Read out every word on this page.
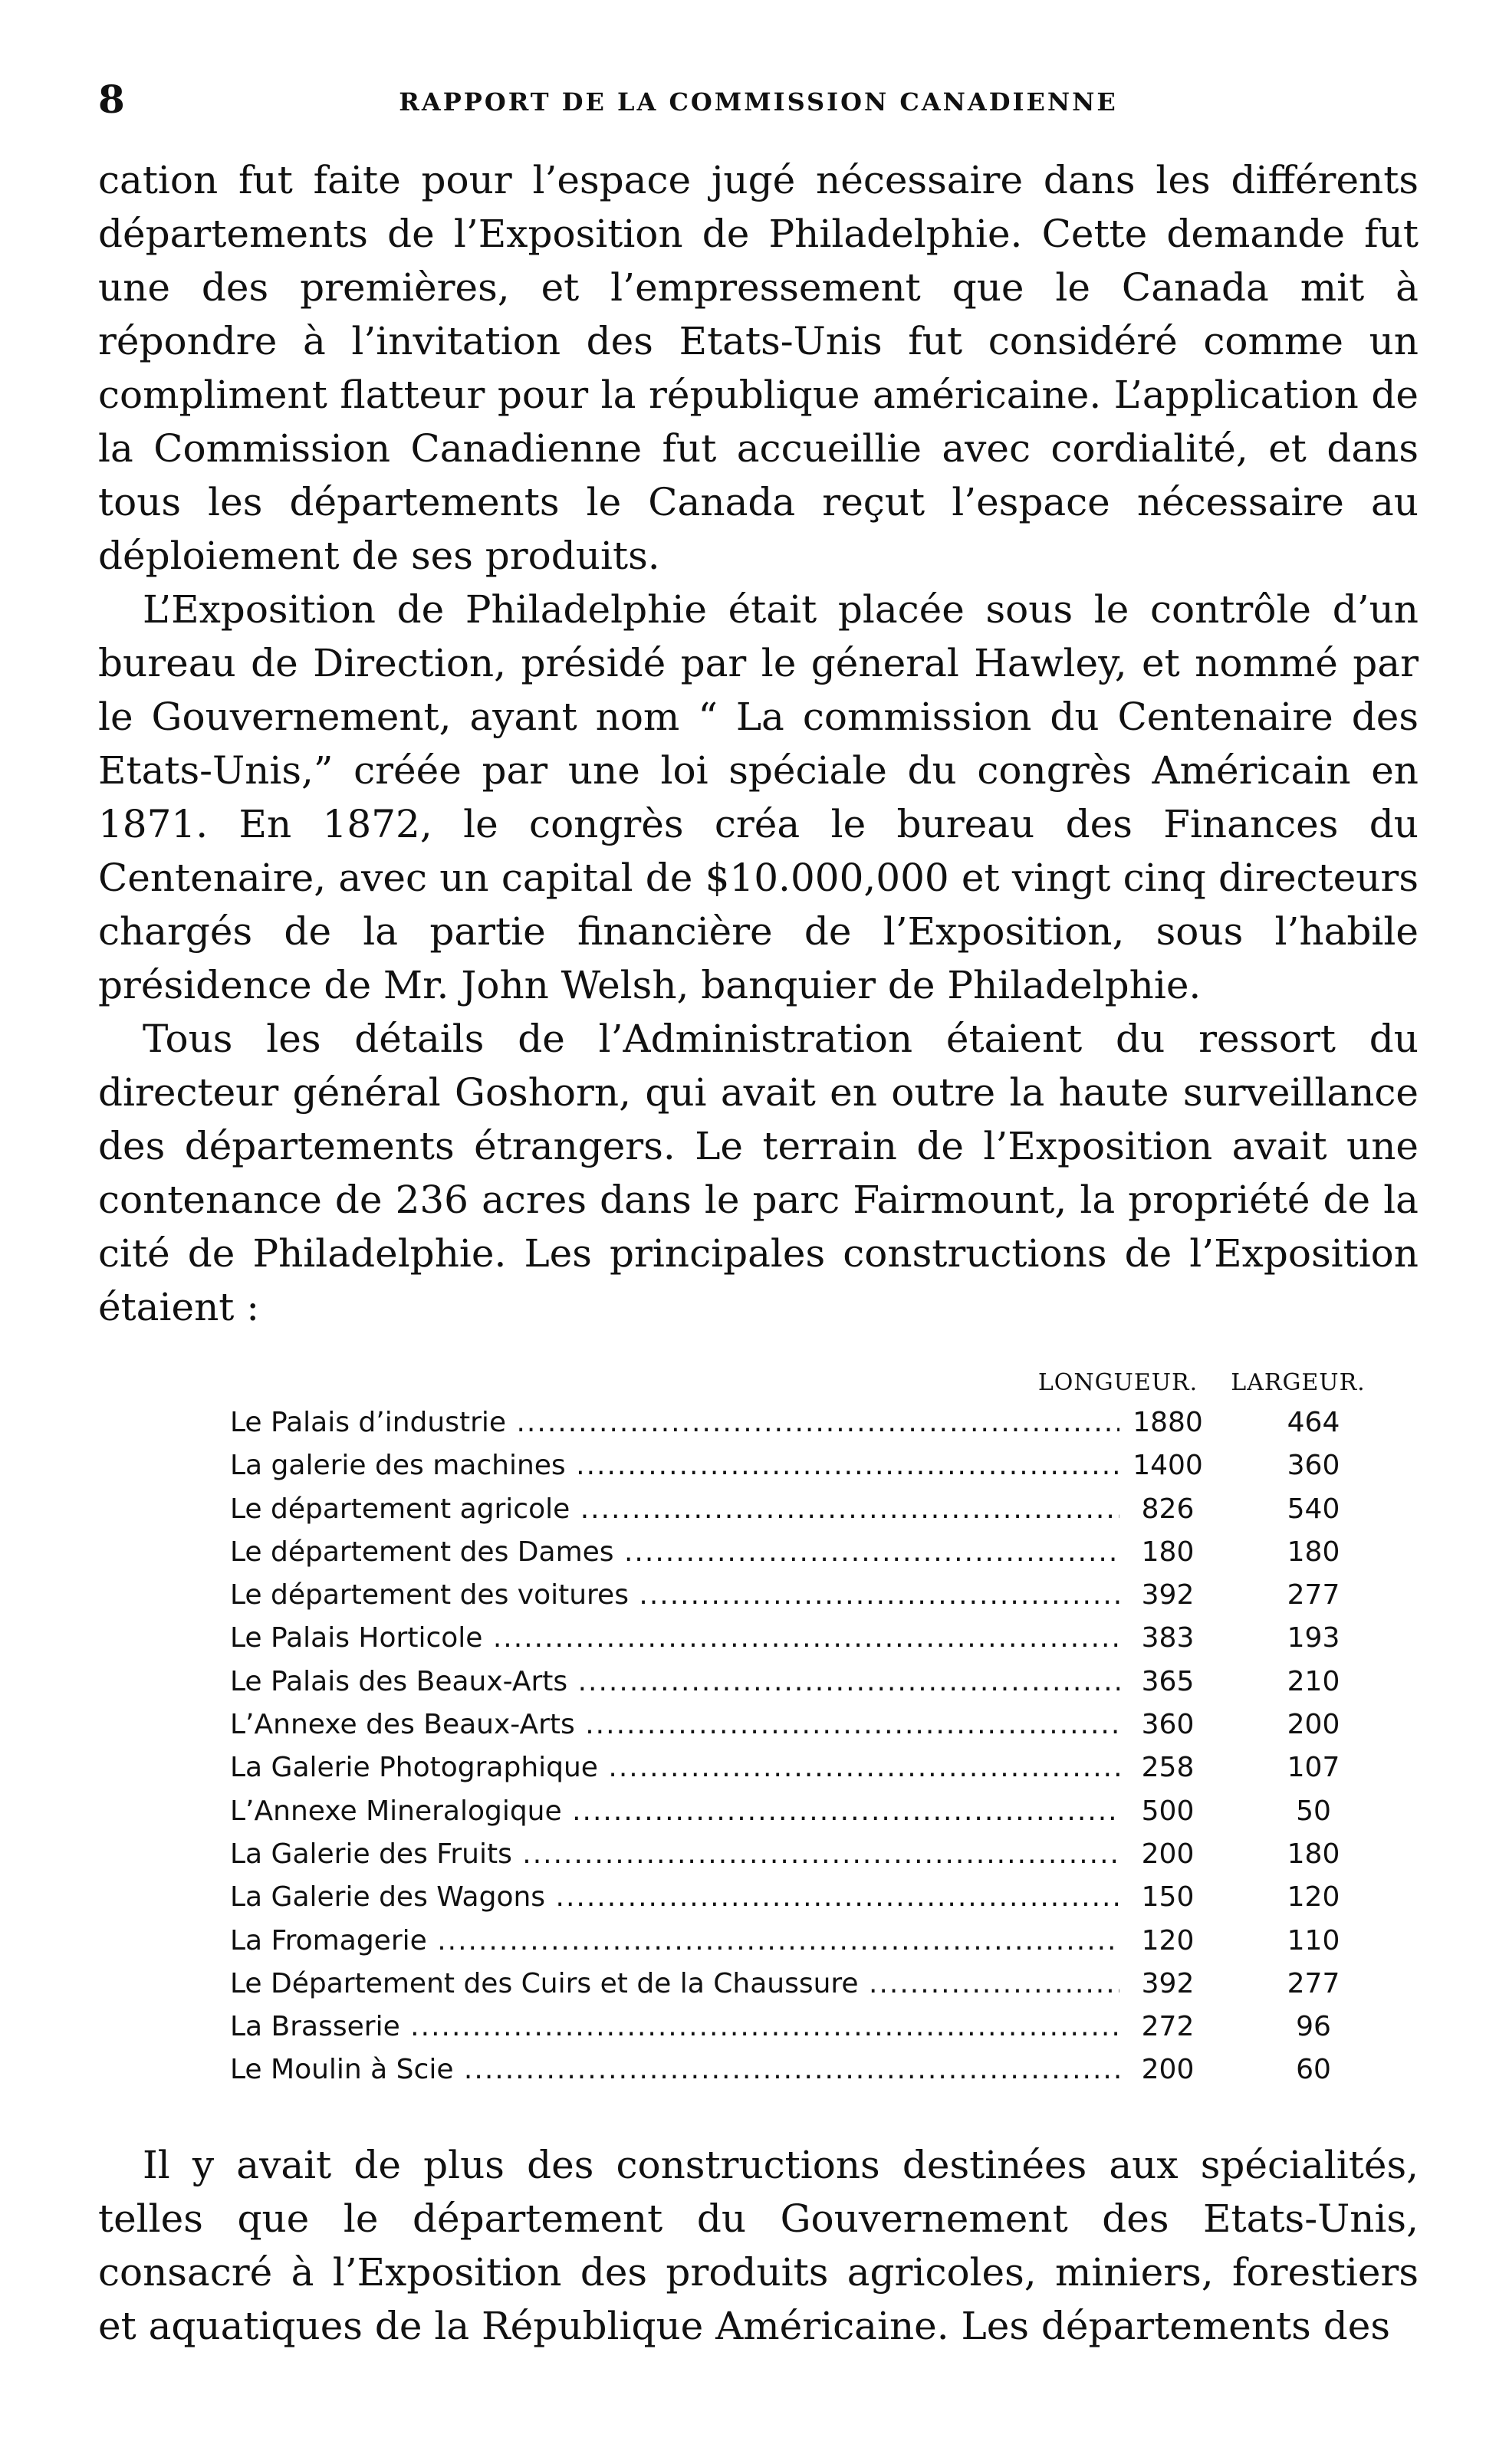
8	RAPPORT DE LA COMMISSION CANADIENNE

cation fut faite pour l’espace jugé nécessaire dans les différents départements de l’Exposition de Philadelphie. Cette demande fut une des premières, et l’empressement que le Canada mit à répondre à l’invitation des Etats-Unis fut considéré comme un compliment flatteur pour la république américaine. L’application de la Commission Canadienne fut accueillie avec cordialité, et dans tous les départements le Canada reçut l’espace nécessaire au déploiement de ses produits.

L’Exposition de Philadelphie était placée sous le contrôle d’un bureau de Direction, présidé par le géneral Hawley, et nommé par le Gouvernement, ayant nom “ La commission du Centenaire des Etats-Unis,” créée par une loi spéciale du congrès Américain en 1871. En 1872, le congrès créa le bureau des Finances du Centenaire, avec un capital de $10.000,000 et vingt cinq directeurs chargés de la partie financière de l’Exposition, sous l’habile présidence de Mr. John Welsh, banquier de Philadelphie.

Tous les détails de l’Administration étaient du ressort du directeur général Goshorn, qui avait en outre la haute surveillance des départements étrangers. Le terrain de l’Exposition avait une contenance de 236 acres dans le parc Fairmount, la propriété de la cité de Philadelphie. Les principales constructions de l’Exposition étaient :

LONGUEUR.	LARGEUR.
Le Palais d’industrie .....	1880	464
La galerie des machines .....	1400	360
Le département agricole .....	826	540
Le département des Dames .....	180	180
Le département des voitures .....	392	277
Le Palais Horticole .....	383	193
Le Palais des Beaux-Arts .....	365	210
L’Annexe des Beaux-Arts .....	360	200
La Galerie Photographique .....	258	107
L’Annexe Mineralogique .....	500	50
La Galerie des Fruits .....	200	180
La Galerie des Wagons .....	150	120
La Fromagerie .....	120	110
Le Département des Cuirs et de la Chaussure .....	392	277
La Brasserie .....	272	96
Le Moulin à Scie .....	200	60

Il y avait de plus des constructions destinées aux spécialités, telles que le département du Gouvernement des Etats-Unis, consacré à l’Exposition des produits agricoles, miniers, forestiers et aquatiques de la République Américaine. Les départements des
